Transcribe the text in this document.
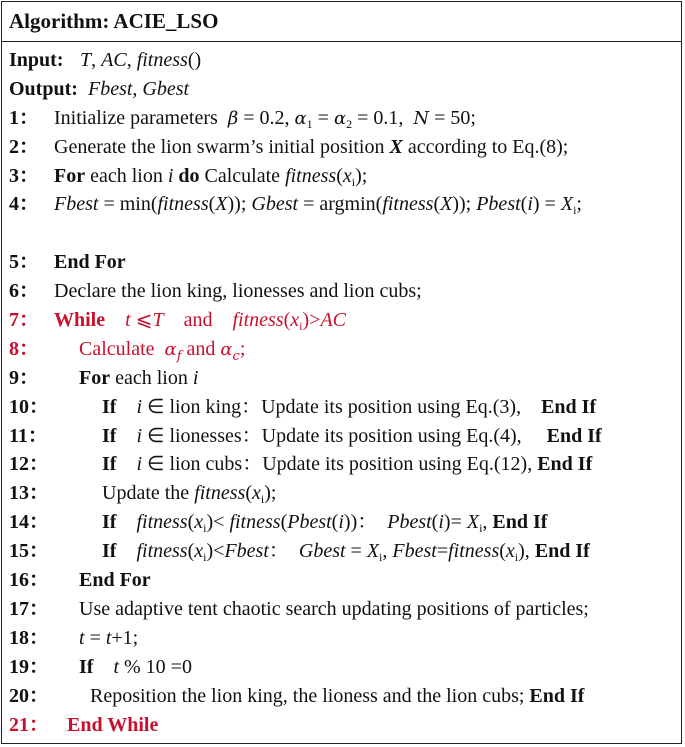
Algorithm: ACIE_LSO
Input: T, AC, fitness()
Output: Fbest, Gbest
1： Initialize parameters  β = 0.2, $\alpha_1 = \alpha_2 = 0.1$,  N = 50;
2： Generate the lion swarm’s initial position X according to Eq.(8);
3： For each lion i do Calculate $fitness(x_i)$;
4： Fbest = min(fitness(X)); Gbest = argmin(fitness(X)); Pbest(i) = $X_i$;
5： End For
6： Declare the lion king, lionesses and lion cubs;
7： While t ⩽T    and    $fitness(x_i)>AC$
8： Calculate  $\alpha_f$ and $\alpha_c$;
9： For each lion i
10：	If i ∈ lion king：Update its position using Eq.(3),    End If
11：	If i ∈ lionesses：Update its position using Eq.(4),     End If
12：	If i ∈ lion cubs：Update its position using Eq.(12), End If
13：	Update the $fitness(x_i)$;
14：	If $fitness(x_i)<$ fitness(Pbest(i))：  Pbest(i)= $X_i$, End If
15：	If $fitness(x_i)<Fbest$：  Gbest = $X_i$, $Fbest=fitness(x_i)$, End If
16： End For
17： Use adaptive tent chaotic search updating positions of particles;
18： t = t+1;
19： If t % 10 =0
20： Reposition the lion king, the lioness and the lion cubs; End If
21： End While
